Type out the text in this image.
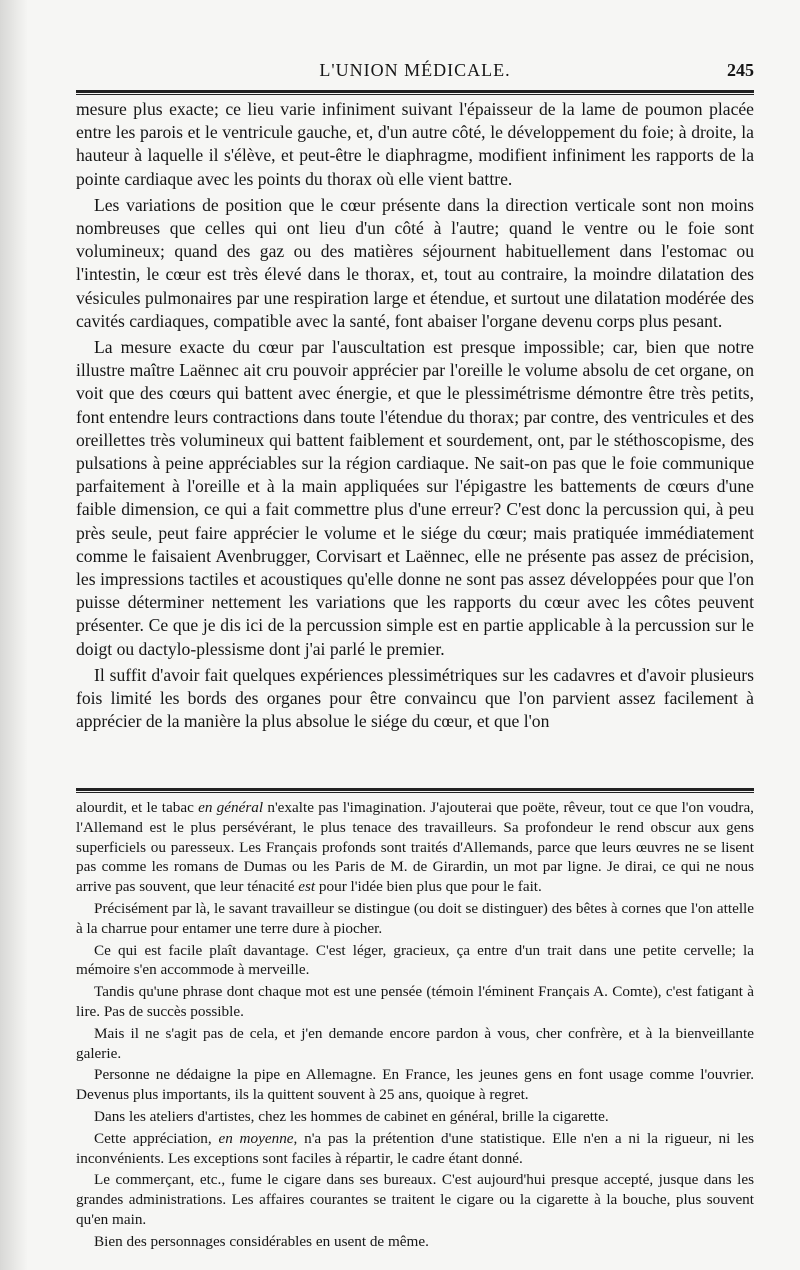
L'UNION MÉDICALE.	245

mesure plus exacte; ce lieu varie infiniment suivant l'épaisseur de la lame de poumon placée entre les parois et le ventricule gauche, et, d'un autre côté, le développement du foie; à droite, la hauteur à laquelle il s'élève, et peut-être le diaphragme, modifient infiniment les rapports de la pointe cardiaque avec les points du thorax où elle vient battre.

Les variations de position que le cœur présente dans la direction verticale sont non moins nombreuses que celles qui ont lieu d'un côté à l'autre; quand le ventre ou le foie sont volumineux; quand des gaz ou des matières séjournent habituellement dans l'estomac ou l'intestin, le cœur est très élevé dans le thorax, et, tout au contraire, la moindre dilatation des vésicules pulmonaires par une respiration large et étendue, et surtout une dilatation modérée des cavités cardiaques, compatible avec la santé, font abaiser l'organe devenu corps plus pesant.

La mesure exacte du cœur par l'auscultation est presque impossible; car, bien que notre illustre maître Laënnec ait cru pouvoir apprécier par l'oreille le volume absolu de cet organe, on voit que des cœurs qui battent avec énergie, et que le plessimétrisme démontre être très petits, font entendre leurs contractions dans toute l'étendue du thorax; par contre, des ventricules et des oreillettes très volumineux qui battent faiblement et sourdement, ont, par le stéthoscopisme, des pulsations à peine appréciables sur la région cardiaque. Ne sait-on pas que le foie communique parfaitement à l'oreille et à la main appliquées sur l'épigastre les battements de cœurs d'une faible dimension, ce qui a fait commettre plus d'une erreur? C'est donc la percussion qui, à peu près seule, peut faire apprécier le volume et le siége du cœur; mais pratiquée immédiatement comme le faisaient Avenbrugger, Corvisart et Laënnec, elle ne présente pas assez de précision, les impressions tactiles et acoustiques qu'elle donne ne sont pas assez développées pour que l'on puisse déterminer nettement les variations que les rapports du cœur avec les côtes peuvent présenter. Ce que je dis ici de la percussion simple est en partie applicable à la percussion sur le doigt ou dactylo-plessisme dont j'ai parlé le premier.

Il suffit d'avoir fait quelques expériences plessimétriques sur les cadavres et d'avoir plusieurs fois limité les bords des organes pour être convaincu que l'on parvient assez facilement à apprécier de la manière la plus absolue le siége du cœur, et que l'on

alourdit, et le tabac en général n'exalte pas l'imagination. J'ajouterai que poëte, rêveur, tout ce que l'on voudra, l'Allemand est le plus persévérant, le plus tenace des travailleurs. Sa profondeur le rend obscur aux gens superficiels ou paresseux. Les Français profonds sont traités d'Allemands, parce que leurs œuvres ne se lisent pas comme les romans de Dumas ou les Paris de M. de Girardin, un mot par ligne. Je dirai, ce qui ne nous arrive pas souvent, que leur ténacité est pour l'idée bien plus que pour le fait.

Précisément par là, le savant travailleur se distingue (ou doit se distinguer) des bêtes à cornes que l'on attelle à la charrue pour entamer une terre dure à piocher.

Ce qui est facile plaît davantage. C'est léger, gracieux, ça entre d'un trait dans une petite cervelle; la mémoire s'en accommode à merveille.

Tandis qu'une phrase dont chaque mot est une pensée (témoin l'éminent Français A. Comte), c'est fatigant à lire. Pas de succès possible.

Mais il ne s'agit pas de cela, et j'en demande encore pardon à vous, cher confrère, et à la bienveillante galerie.

Personne ne dédaigne la pipe en Allemagne. En France, les jeunes gens en font usage comme l'ouvrier. Devenus plus importants, ils la quittent souvent à 25 ans, quoique à regret.

Dans les ateliers d'artistes, chez les hommes de cabinet en général, brille la cigarette.

Cette appréciation, en moyenne, n'a pas la prétention d'une statistique. Elle n'en a ni la rigueur, ni les inconvénients. Les exceptions sont faciles à répartir, le cadre étant donné.

Le commerçant, etc., fume le cigare dans ses bureaux. C'est aujourd'hui presque accepté, jusque dans les grandes administrations. Les affaires courantes se traitent le cigare ou la cigarette à la bouche, plus souvent qu'en main.

Bien des personnages considérables en usent de même.
